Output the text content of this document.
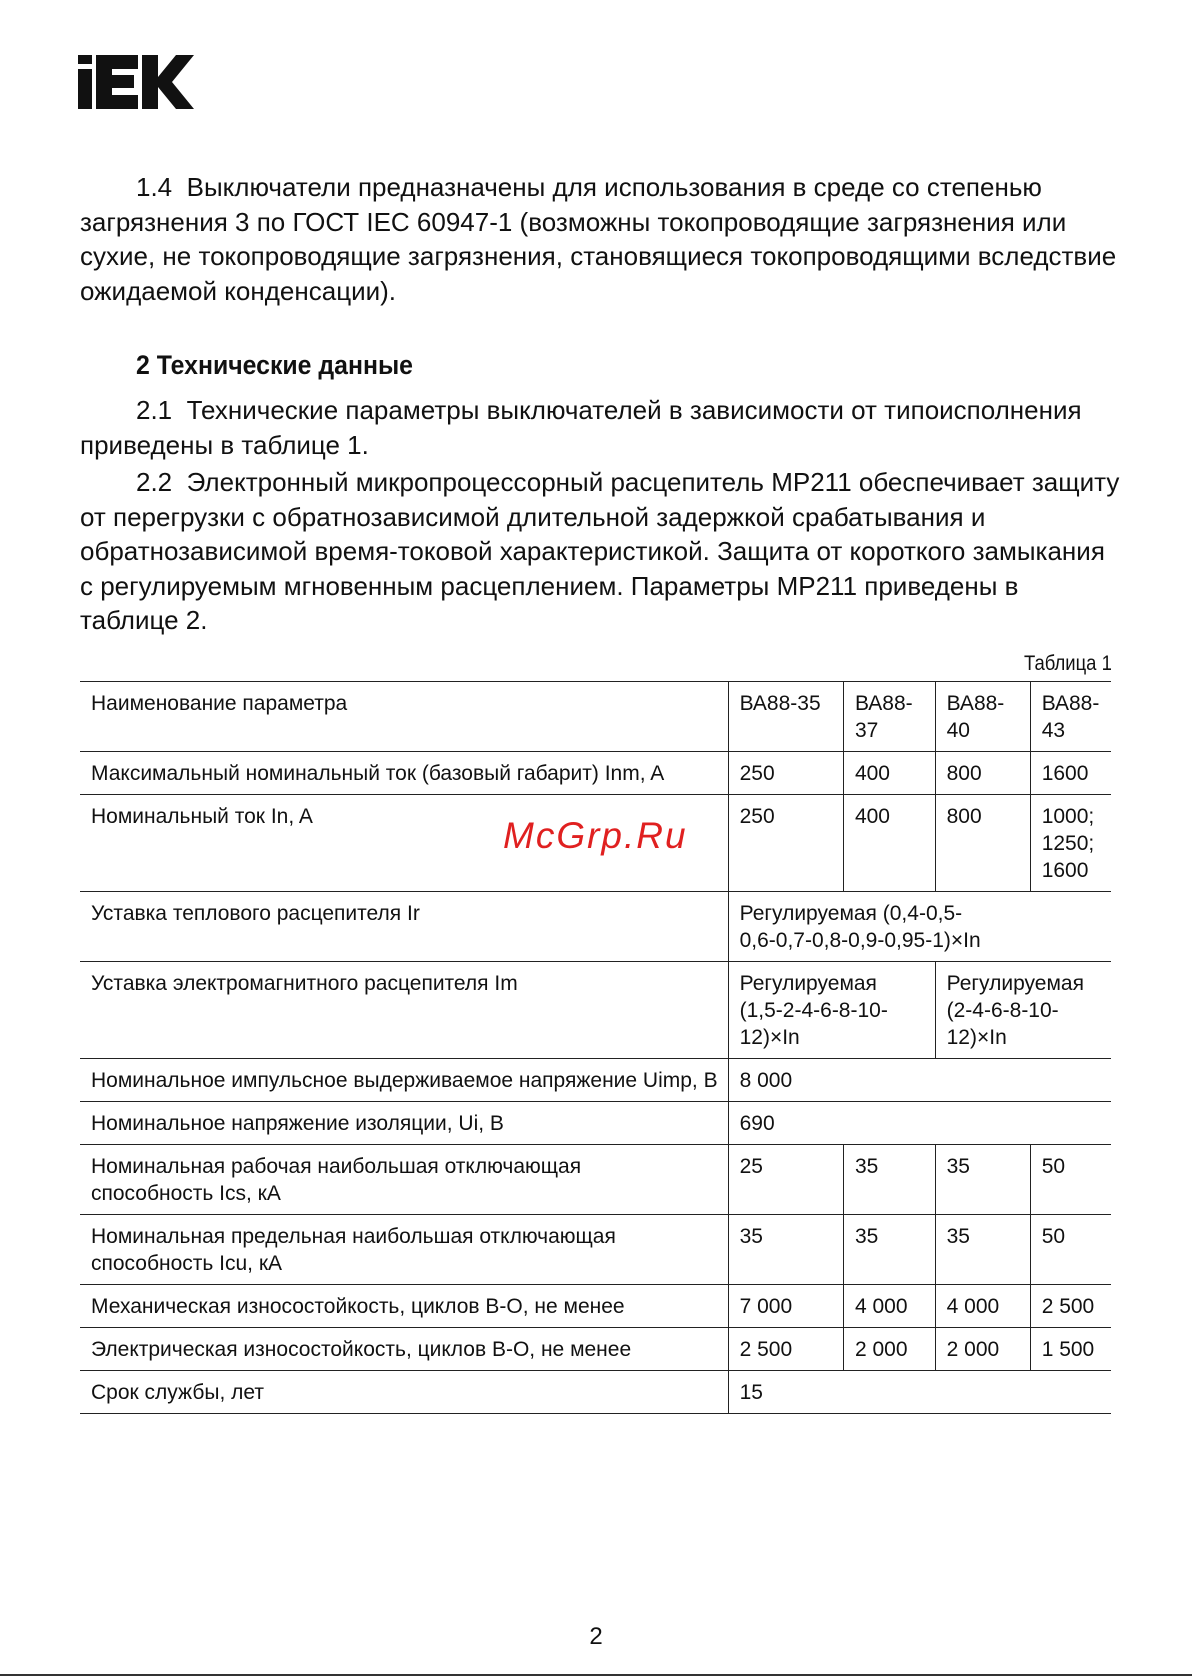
1.4 Выключатели предназначены для использования в среде со степенью загрязнения 3 по ГОСТ IEC 60947-1 (возможны токопроводящие загрязнения или сухие, не токопроводящие загрязнения, становящиеся токопроводящими вследствие ожидаемой конденсации).

2 Технические данные

2.1 Технические параметры выключателей в зависимости от типоисполнения приведены в таблице 1.

2.2 Электронный микропроцессорный расцепитель МР211 обеспечивает защиту от перегрузки с обратнозависимой длительной задержкой срабатывания и обратнозависимой время-токовой характеристикой. Защита от короткого замыкания с регулируемым мгновенным расцеплением. Параметры МР211 приведены в таблице 2.

Таблица 1
Наименование параметра	ВА88-35	ВА88-37	ВА88-40	ВА88-43
Максимальный номинальный ток (базовый габарит) Inm, A	250	400	800	1600
Номинальный ток In, A	250	400	800	1000; 1250; 1600
Уставка теплового расцепителя Ir	Регулируемая (0,4-0,5-0,6-0,7-0,8-0,9-0,95-1)×In			
Уставка электромагнитного расцепителя Im	Регулируемая (1,5-2-4-6-8-10-12)×In		Регулируемая (2-4-6-8-10-12)×In	
Номинальное импульсное выдерживаемое напряжение Uimp, В	8 000			
Номинальное напряжение изоляции, Ui, В	690			
Номинальная рабочая наибольшая отключающая способность Ics, кА	25	35	35	50
Номинальная предельная наибольшая отключающая способность Icu, кА	35	35	35	50
Механическая износостойкость, циклов В-О, не менее	7 000	4 000	4 000	2 500
Электрическая износостойкость, циклов В-О, не менее	2 500	2 000	2 000	1 500
Срок службы, лет	15			
McGrp.Ru
2
